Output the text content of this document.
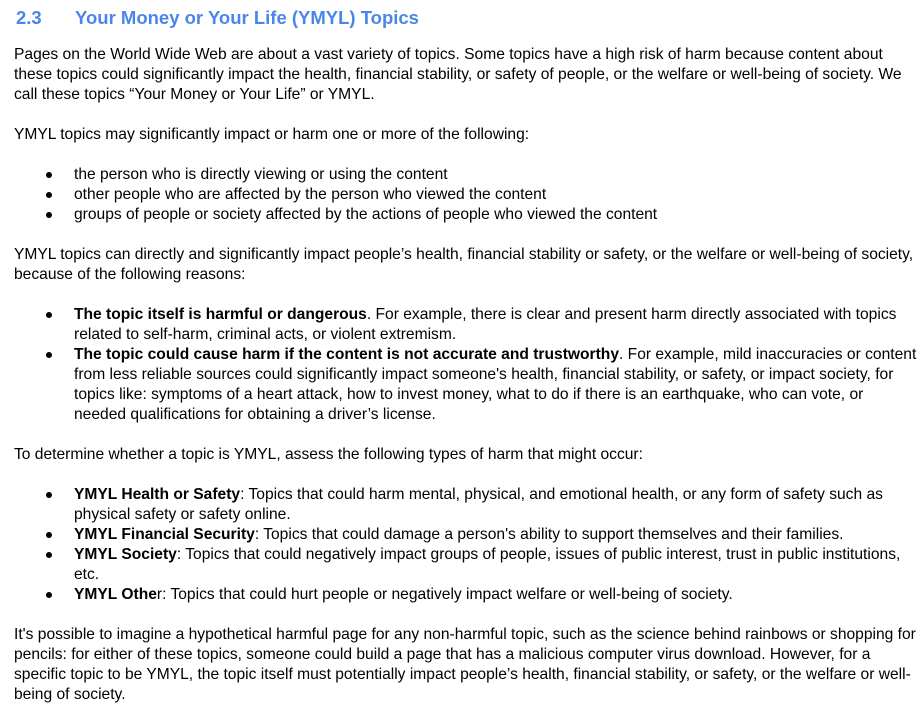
2.3 Your Money or Your Life (YMYL) Topics

Pages on the World Wide Web are about a vast variety of topics. Some topics have a high risk of harm because content about these topics could significantly impact the health, financial stability, or safety of people, or the welfare or well-being of society. We call these topics “Your Money or Your Life” or YMYL.

YMYL topics may significantly impact or harm one or more of the following:

the person who is directly viewing or using the content
other people who are affected by the person who viewed the content
groups of people or society affected by the actions of people who viewed the content

YMYL topics can directly and significantly impact people’s health, financial stability or safety, or the welfare or well-being of society, because of the following reasons:

The topic itself is harmful or dangerous. For example, there is clear and present harm directly associated with topics related to self-harm, criminal acts, or violent extremism.
The topic could cause harm if the content is not accurate and trustworthy. For example, mild inaccuracies or content from less reliable sources could significantly impact someone's health, financial stability, or safety, or impact society, for topics like: symptoms of a heart attack, how to invest money, what to do if there is an earthquake, who can vote, or needed qualifications for obtaining a driver’s license.

To determine whether a topic is YMYL, assess the following types of harm that might occur:

YMYL Health or Safety: Topics that could harm mental, physical, and emotional health, or any form of safety such as physical safety or safety online.
YMYL Financial Security: Topics that could damage a person's ability to support themselves and their families.
YMYL Society: Topics that could negatively impact groups of people, issues of public interest, trust in public institutions, etc.
YMYL Other: Topics that could hurt people or negatively impact welfare or well-being of society.

It's possible to imagine a hypothetical harmful page for any non-harmful topic, such as the science behind rainbows or shopping for pencils: for either of these topics, someone could build a page that has a malicious computer virus download. However, for a specific topic to be YMYL, the topic itself must potentially impact people’s health, financial stability, or safety, or the welfare or well-being of society.
